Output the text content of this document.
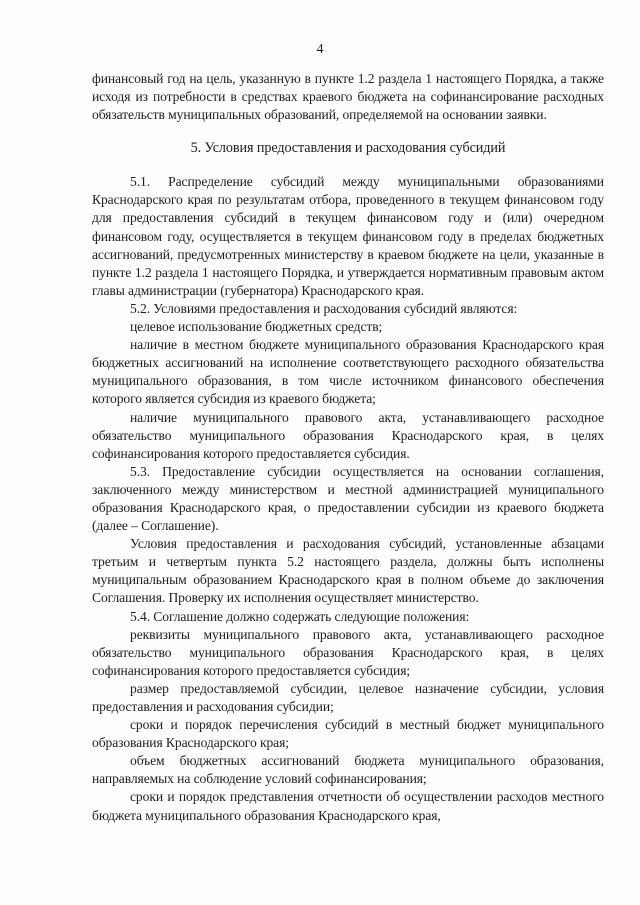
4

финансовый год на цель, указанную в пункте 1.2 раздела 1 настоящего Порядка, а также исходя из потребности в средствах краевого бюджета на софинансирование расходных обязательств муниципальных образований, определяемой на основании заявки.

5. Условия предоставления и расходования субсидий

5.1. Распределение субсидий между муниципальными образованиями Краснодарского края по результатам отбора, проведенного в текущем финансовом году для предоставления субсидий в текущем финансовом году и (или) очередном финансовом году, осуществляется в текущем финансовом году в пределах бюджетных ассигнований, предусмотренных министерству в краевом бюджете на цели, указанные в пункте 1.2 раздела 1 настоящего Порядка, и утверждается нормативным правовым актом главы администрации (губернатора) Краснодарского края.

5.2. Условиями предоставления и расходования субсидий являются:

целевое использование бюджетных средств;

наличие в местном бюджете муниципального образования Краснодарского края бюджетных ассигнований на исполнение соответствующего расходного обязательства муниципального образования, в том числе источником финансового обеспечения которого является субсидия из краевого бюджета;

наличие муниципального правового акта, устанавливающего расходное обязательство муниципального образования Краснодарского края, в целях софинансирования которого предоставляется субсидия.

5.3. Предоставление субсидии осуществляется на основании соглашения, заключенного между министерством и местной администрацией муниципального образования Краснодарского края, о предоставлении субсидии из краевого бюджета (далее – Соглашение).

Условия предоставления и расходования субсидий, установленные абзацами третьим и четвертым пункта 5.2 настоящего раздела, должны быть исполнены муниципальным образованием Краснодарского края в полном объеме до заключения Соглашения. Проверку их исполнения осуществляет министерство.

5.4. Соглашение должно содержать следующие положения:

реквизиты муниципального правового акта, устанавливающего расходное обязательство муниципального образования Краснодарского края, в целях софинансирования которого предоставляется субсидия;

размер предоставляемой субсидии, целевое назначение субсидии, условия предоставления и расходования субсидии;

сроки и порядок перечисления субсидий в местный бюджет муниципального образования Краснодарского края;

объем бюджетных ассигнований бюджета муниципального образования, направляемых на соблюдение условий софинансирования;

сроки и порядок представления отчетности об осуществлении расходов местного бюджета муниципального образования Краснодарского края,
